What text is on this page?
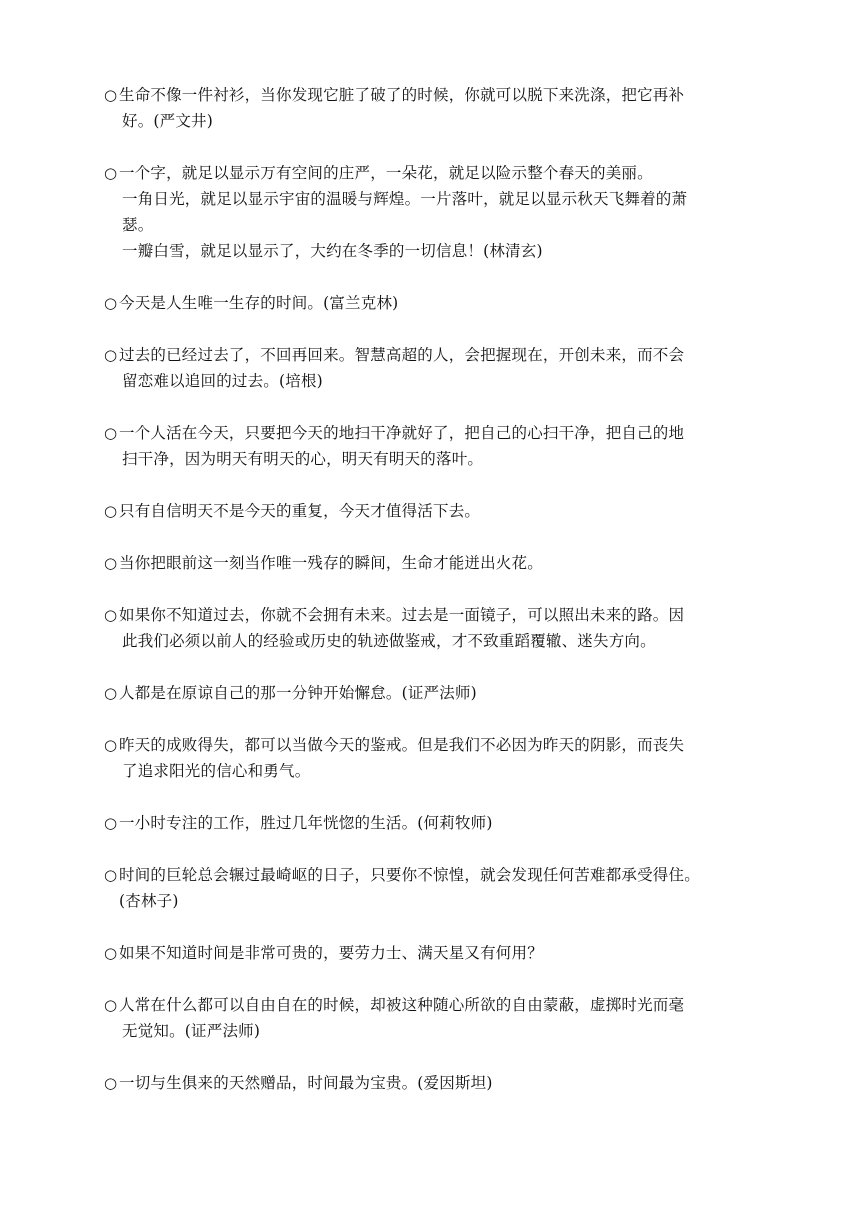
○ 生命不像一件衬衫，当你发现它脏了破了的时候，你就可以脱下来洗涤，把它再补
好。(严文井)
○ 一个字，就足以显示万有空间的庄严，一朵花，就足以险示整个春天的美丽。
一角日光，就足以显示宇宙的温暖与辉煌。一片落叶，就足以显示秋天飞舞着的萧
瑟。
一瓣白雪，就足以显示了，大约在冬季的一切信息！(林清玄)
○ 今天是人生唯一生存的时间。(富兰克林)
○ 过去的已经过去了，不回再回来。智慧高超的人，会把握现在，开创未来，而不会
留恋难以追回的过去。(培根)
○ 一个人活在今天，只要把今天的地扫干净就好了，把自己的心扫干净，把自己的地
扫干净，因为明天有明天的心，明天有明天的落叶。
○ 只有自信明天不是今天的重复，今天才值得活下去。
○ 当你把眼前这一刻当作唯一残存的瞬间，生命才能迸出火花。
○ 如果你不知道过去，你就不会拥有未来。过去是一面镜子，可以照出未来的路。因
此我们必须以前人的经验或历史的轨迹做鉴戒，才不致重蹈覆辙、迷失方向。
○ 人都是在原谅自己的那一分钟开始懈怠。(证严法师)
○ 昨天的成败得失，都可以当做今天的鉴戒。但是我们不必因为昨天的阴影，而丧失
了追求阳光的信心和勇气。
○ 一小时专注的工作，胜过几年恍惚的生活。(何莉牧师)
○ 时间的巨轮总会辗过最崎岖的日子，只要你不惊惶，就会发现任何苦难都承受得住。
(杏林子)
○ 如果不知道时间是非常可贵的，要劳力士、满天星又有何用？
○ 人常在什么都可以自由自在的时候，却被这种随心所欲的自由蒙蔽，虚掷时光而毫
无觉知。(证严法师)
○ 一切与生俱来的天然赠品，时间最为宝贵。(爱因斯坦)
